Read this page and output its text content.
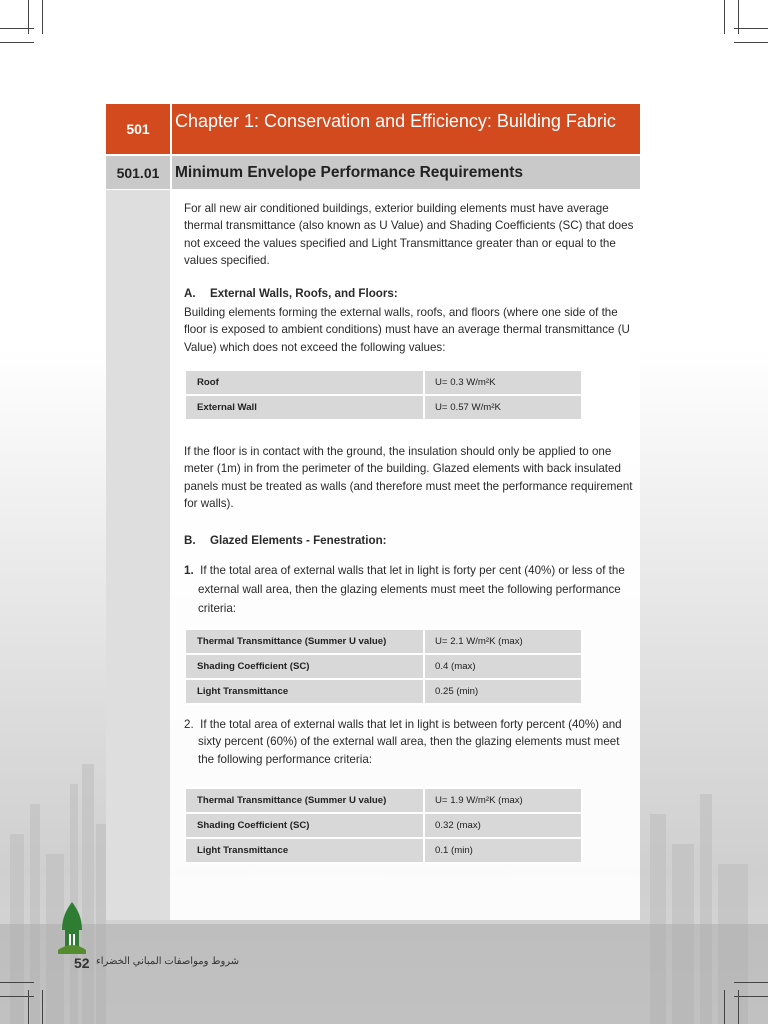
501	Chapter 1: Conservation and Efficiency: Building Fabric
501.01	Minimum Envelope Performance Requirements
For all new air conditioned buildings, exterior building elements must have average thermal transmittance (also known as U Value) and Shading Coefficients (SC) that does not exceed the values specified and Light Transmittance greater than or equal to the values specified.
A. External Walls, Roofs, and Floors:
Building elements forming the external walls, roofs, and floors (where one side of the floor is exposed to ambient conditions) must have an average thermal transmittance (U Value) which does not exceed the following values:
Roof	U= 0.3 W/m²K
External Wall	U= 0.57 W/m²K
If the floor is in contact with the ground, the insulation should only be applied to one meter (1m) in from the perimeter of the building. Glazed elements with back insulated panels must be treated as walls (and therefore must meet the performance requirement for walls).
B. Glazed Elements - Fenestration:
1. If the total area of external walls that let in light is forty per cent (40%) or less of the external wall area, then the glazing elements must meet the following performance criteria:
Thermal Transmittance (Summer U value)	U= 2.1 W/m²K (max)
Shading Coefficient (SC)	0.4 (max)
Light Transmittance	0.25 (min)
2. If the total area of external walls that let in light is between forty percent (40%) and sixty percent (60%) of the external wall area, then the glazing elements must meet the following performance criteria:
Thermal Transmittance (Summer U value)	U= 1.9 W/m²K (max)
Shading Coefficient (SC)	0.32 (max)
Light Transmittance	0.1 (min)
52 شروط ومواصفات المباني الخضراء
